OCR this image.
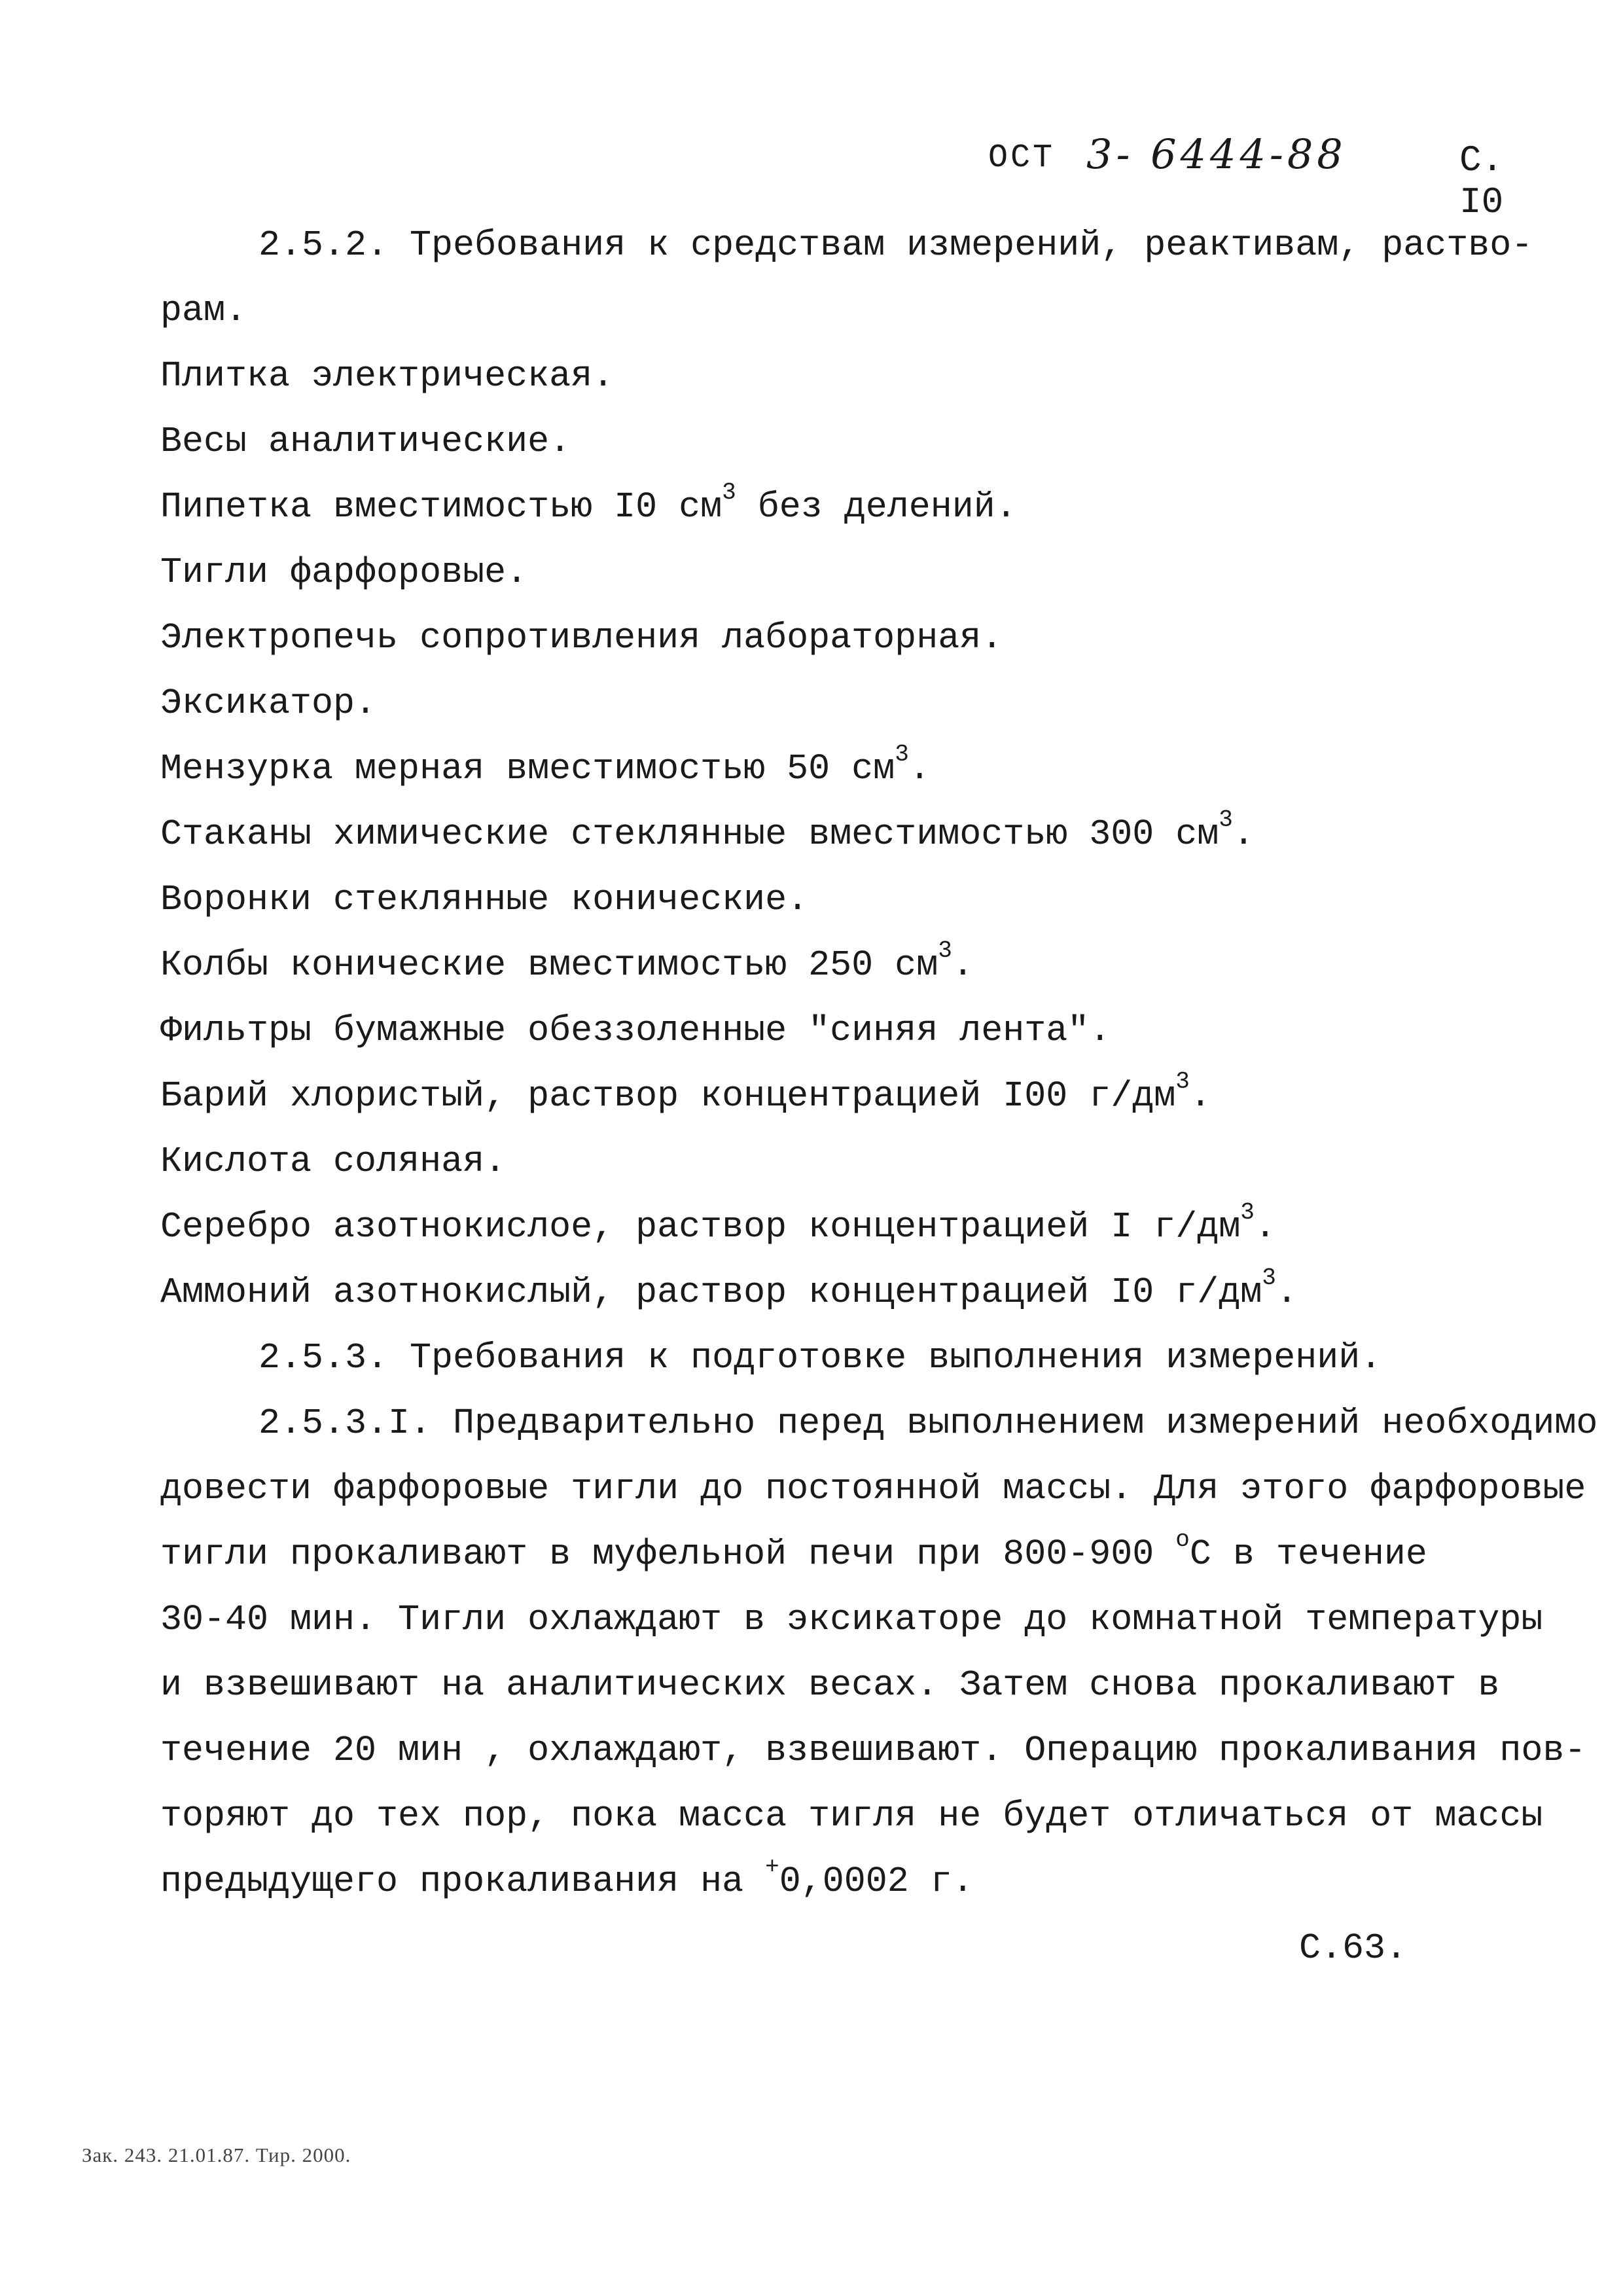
ОСТ 3- 6444-88	С. I0
2.5.2. Требования к средствам измерений, реактивам, раство-
рам.
Плитка электрическая.
Весы аналитические.
Пипетка вместимостью I0 $см^3$ без делений.
Тигли фарфоровые.
Электропечь сопротивления лабораторная.
Эксикатор.
Мензурка мерная вместимостью 50 $см^3$.
Стаканы химические стеклянные вместимостью 300 $см^3$.
Воронки стеклянные конические.
Колбы конические вместимостью 250 $см^3$.
Фильтры бумажные обеззоленные "синяя лента".
Барий хлористый, раствор концентрацией I00 $г/дм^3$.
Кислота соляная.
Серебро азотнокислое, раствор концентрацией I $г/дм^3$.
Аммоний азотнокислый, раствор концентрацией I0 $г/дм^3$.
2.5.3. Требования к подготовке выполнения измерений.
2.5.3.I. Предварительно перед выполнением измерений необходимо
довести фарфоровые тигли до постоянной массы. Для этого фарфоровые
тигли прокаливают в муфельной печи при 800-900 $^о$С в течение
30-40 мин. Тигли охлаждают в эксикаторе до комнатной температуры
и взвешивают на аналитических весах. Затем снова прокаливают в
течение 20 мин , охлаждают, взвешивают. Операцию прокаливания пов-
торяют до тех пор, пока масса тигля не будет отличаться от массы
предыдущего прокаливания на +0,0002 г.
С.63.
Зак. 243. 21.01.87. Тир. 2000.
